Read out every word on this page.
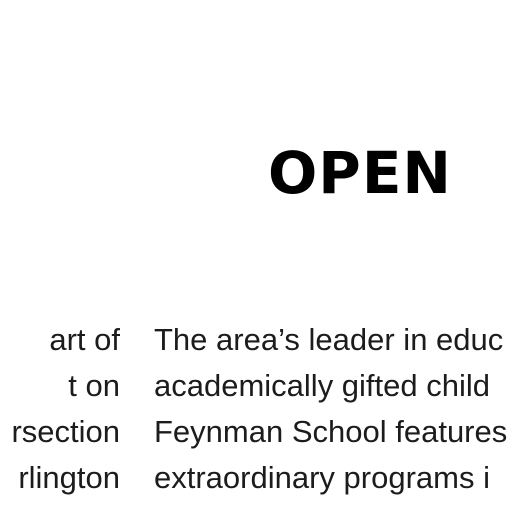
OPEN

art of
t on
rsection
rlington

The area’s leader in educ
academically gifted child
Feynman School features
extraordinary programs i
